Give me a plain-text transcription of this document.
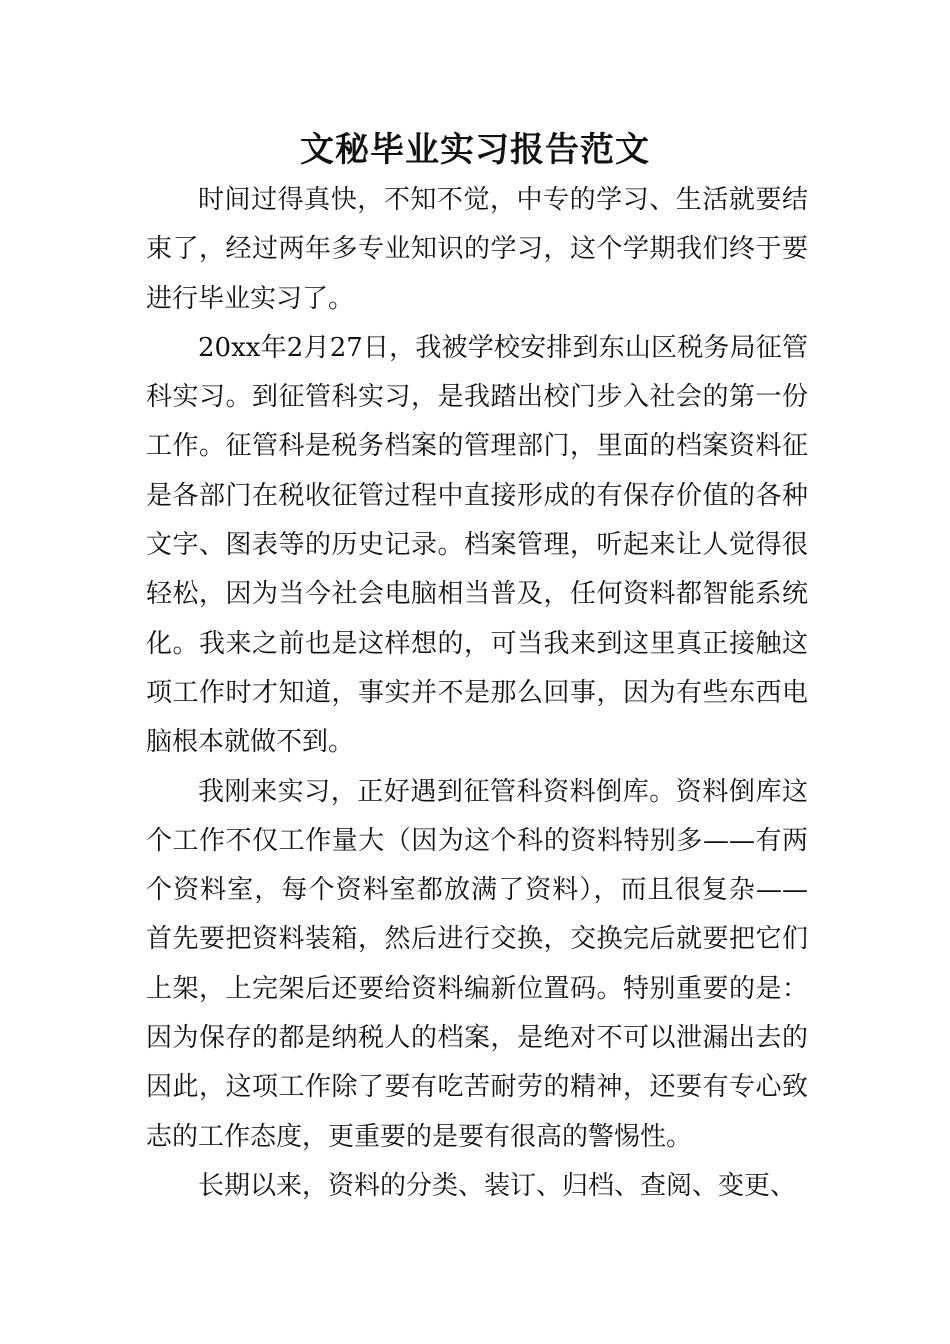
文秘毕业实习报告范文

时间过得真快，不知不觉，中专的学习、生活就要结束了，经过两年多专业知识的学习，这个学期我们终于要进行毕业实习了。

20xx年2月27日，我被学校安排到东山区税务局征管科实习。到征管科实习，是我踏出校门步入社会的第一份工作。征管科是税务档案的管理部门，里面的档案资料征是各部门在税收征管过程中直接形成的有保存价值的各种文字、图表等的历史记录。档案管理，听起来让人觉得很轻松，因为当今社会电脑相当普及，任何资料都智能系统化。我来之前也是这样想的，可当我来到这里真正接触这项工作时才知道，事实并不是那么回事，因为有些东西电脑根本就做不到。

我刚来实习，正好遇到征管科资料倒库。资料倒库这个工作不仅工作量大（因为这个科的资料特别多——有两个资料室，每个资料室都放满了资料），而且很复杂——首先要把资料装箱，然后进行交换，交换完后就要把它们上架，上完架后还要给资料编新位置码。特别重要的是：因为保存的都是纳税人的档案，是绝对不可以泄漏出去的因此，这项工作除了要有吃苦耐劳的精神，还要有专心致志的工作态度，更重要的是要有很高的警惕性。

长期以来，资料的分类、装订、归档、查阅、变更、
